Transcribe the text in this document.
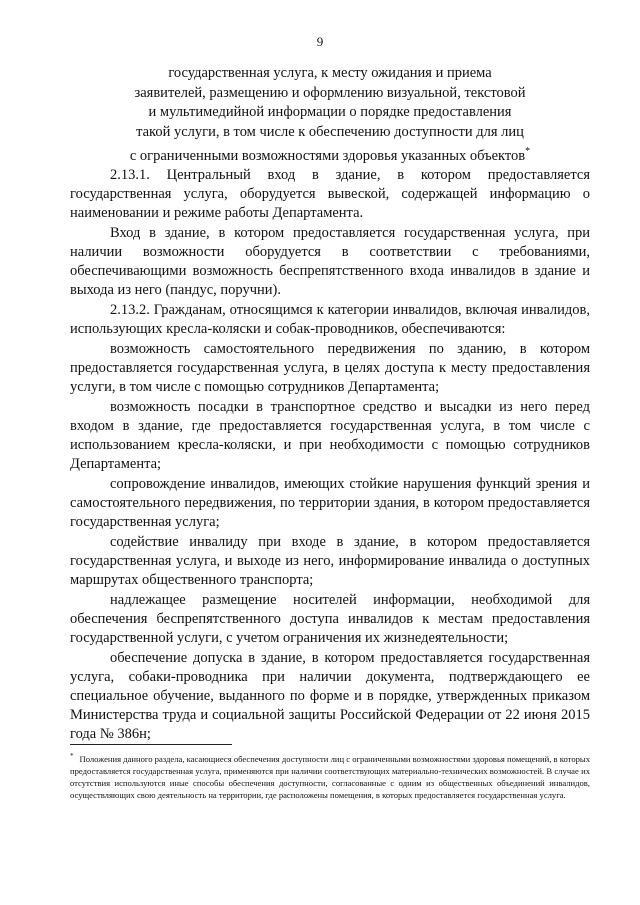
9
государственная услуга, к месту ожидания и приема
заявителей, размещению и оформлению визуальной, текстовой
и мультимедийной информации о порядке предоставления
такой услуги, в том числе к обеспечению доступности для лиц
с ограниченными возможностями здоровья указанных объектов*

2.13.1. Центральный вход в здание, в котором предоставляется государственная услуга, оборудуется вывеской, содержащей информацию о наименовании и режиме работы Департамента.

Вход в здание, в котором предоставляется государственная услуга, при наличии возможности оборудуется в соответствии с требованиями, обеспечивающими возможность беспрепятственного входа инвалидов в здание и выхода из него (пандус, поручни).

2.13.2. Гражданам, относящимся к категории инвалидов, включая инвалидов, использующих кресла-коляски и собак-проводников, обеспечиваются:

возможность самостоятельного передвижения по зданию, в котором предоставляется государственная услуга, в целях доступа к месту предоставления услуги, в том числе с помощью сотрудников Департамента;

возможность посадки в транспортное средство и высадки из него перед входом в здание, где предоставляется государственная услуга, в том числе с использованием кресла-коляски, и при необходимости с помощью сотрудников Департамента;

сопровождение инвалидов, имеющих стойкие нарушения функций зрения и самостоятельного передвижения, по территории здания, в котором предоставляется государственная услуга;

содействие инвалиду при входе в здание, в котором предоставляется государственная услуга, и выходе из него, информирование инвалида о доступных маршрутах общественного транспорта;

надлежащее размещение носителей информации, необходимой для обеспечения беспрепятственного доступа инвалидов к местам предоставления государственной услуги, с учетом ограничения их жизнедеятельности;

обеспечение допуска в здание, в котором предоставляется государственная услуга, собаки-проводника при наличии документа, подтверждающего ее специальное обучение, выданного по форме и в порядке, утвержденных приказом Министерства труда и социальной защиты Российской Федерации от 22 июня 2015 года № 386н;

* Положения данного раздела, касающиеся обеспечения доступности лиц с ограниченными возможностями здоровья помещений, в которых предоставляется государственная услуга, применяются при наличии соответствующих материально-технических возможностей. В случае их отсутствия используются иные способы обеспечения доступности, согласованные с одним из общественных объединений инвалидов, осуществляющих свою деятельность на территории, где расположены помещения, в которых предоставляется государственная услуга.
